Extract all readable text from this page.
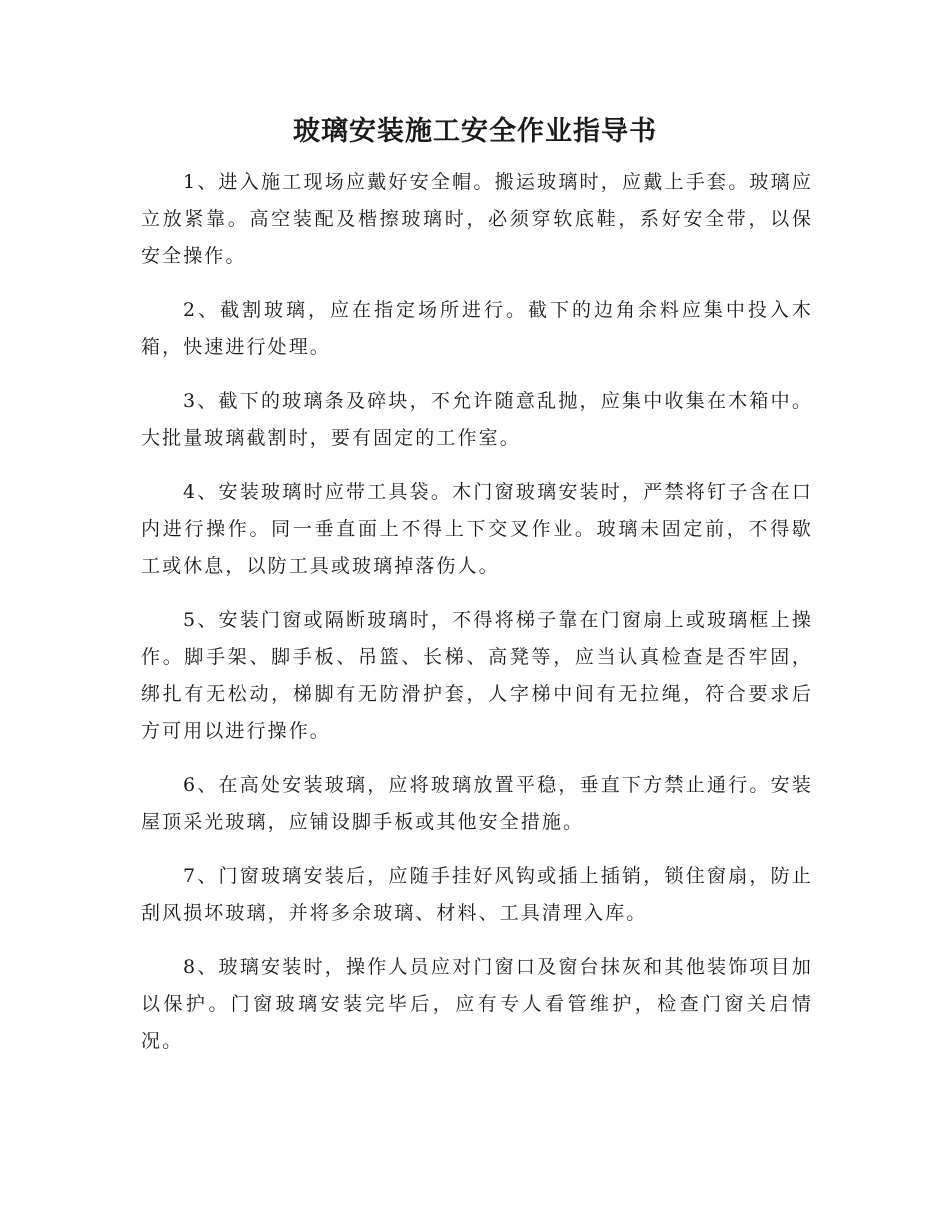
玻璃安装施工安全作业指导书

1、进入施工现场应戴好安全帽。搬运玻璃时，应戴上手套。玻璃应立放紧靠。高空装配及楷擦玻璃时，必须穿软底鞋，系好安全带，以保安全操作。

2、截割玻璃，应在指定场所进行。截下的边角余料应集中投入木箱，快速进行处理。

3、截下的玻璃条及碎块，不允许随意乱抛，应集中收集在木箱中。大批量玻璃截割时，要有固定的工作室。

4、安装玻璃时应带工具袋。木门窗玻璃安装时，严禁将钉子含在口内进行操作。同一垂直面上不得上下交叉作业。玻璃未固定前，不得歇工或休息，以防工具或玻璃掉落伤人。

5、安装门窗或隔断玻璃时，不得将梯子靠在门窗扇上或玻璃框上操作。脚手架、脚手板、吊篮、长梯、高凳等，应当认真检查是否牢固，绑扎有无松动，梯脚有无防滑护套，人字梯中间有无拉绳，符合要求后方可用以进行操作。

6、在高处安装玻璃，应将玻璃放置平稳，垂直下方禁止通行。安装屋顶采光玻璃，应铺设脚手板或其他安全措施。

7、门窗玻璃安装后，应随手挂好风钩或插上插销，锁住窗扇，防止刮风损坏玻璃，并将多余玻璃、材料、工具清理入库。

8、玻璃安装时，操作人员应对门窗口及窗台抹灰和其他装饰项目加以保护。门窗玻璃安装完毕后，应有专人看管维护，检查门窗关启情况。
